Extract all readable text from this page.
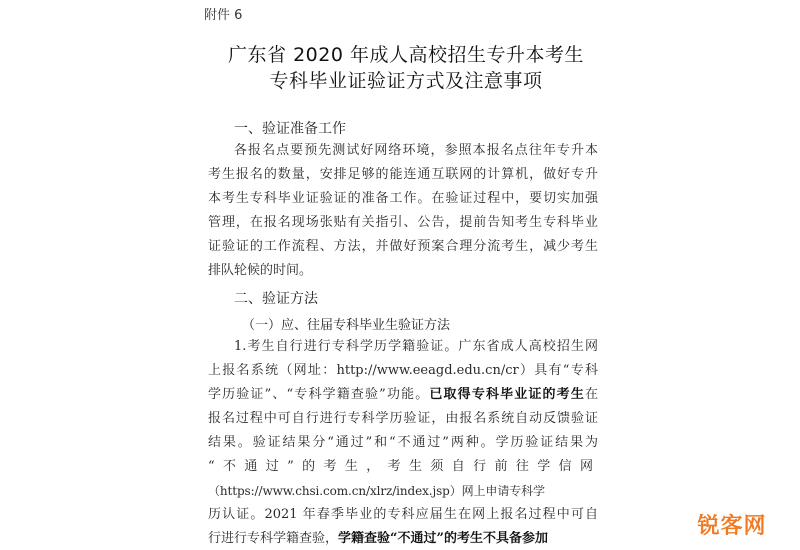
附件 6
广东省 2020 年成人高校招生专升本考生
专科毕业证验证方式及注意事项
一、验证准备工作
各报名点要预先测试好网络环境，参照本报名点往年专升本
考生报名的数量，安排足够的能连通互联网的计算机，做好专升
本考生专科毕业证验证的准备工作。在验证过程中，要切实加强
管理，在报名现场张贴有关指引、公告，提前告知考生专科毕业
证验证的工作流程、方法，并做好预案合理分流考生，减少考生
排队轮候的时间。
二、验证方法
（一）应、往届专科毕业生验证方法
1.考生自行进行专科学历学籍验证。广东省成人高校招生网
上报名系统（网址：http://www.eeagd.edu.cn/cr）具有“专科
学历验证”、“专科学籍查验”功能。已取得专科毕业证的考生在
报名过程中可自行进行专科学历验证，由报名系统自动反馈验证
结果。验证结果分“通过”和“不通过”两种。学历验证结果为
“不通过”的考生，考生须自行前往学信网
（https://www.chsi.com.cn/xlrz/index.jsp）网上申请专科学
历认证。2021 年春季毕业的专科应届生在网上报名过程中可自
行进行专科学籍查验，学籍查验“不通过”的考生不具备参加	锐客网
